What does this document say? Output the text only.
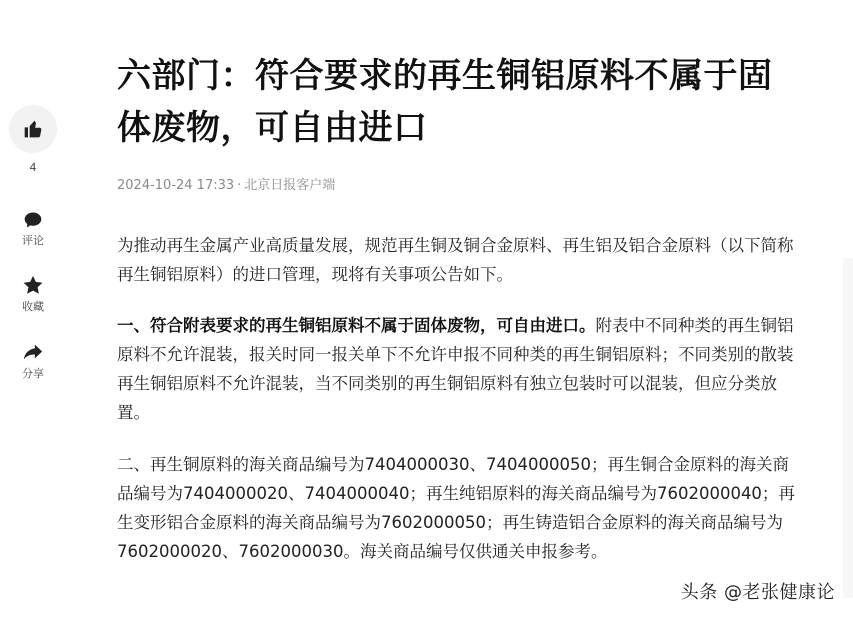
4
评论
收藏
分享
六部门：符合要求的再生铜铝原料不属于固体废物，可自由进口
2024-10-24 17:33 · 北京日报客户端

为推动再生金属产业高质量发展，规范再生铜及铜合金原料、再生铝及铝合金原料（以下简称再生铜铝原料）的进口管理，现将有关事项公告如下。

一、符合附表要求的再生铜铝原料不属于固体废物，可自由进口。附表中不同种类的再生铜铝原料不允许混装，报关时同一报关单下不允许申报不同种类的再生铜铝原料；不同类别的散装再生铜铝原料不允许混装，当不同类别的再生铜铝原料有独立包装时可以混装，但应分类放置。

二、再生铜原料的海关商品编号为7404000030、7404000050；再生铜合金原料的海关商品编号为7404000020、7404000040；再生纯铝原料的海关商品编号为7602000040；再生变形铝合金原料的海关商品编号为7602000050；再生铸造铝合金原料的海关商品编号为7602000020、7602000030。海关商品编号仅供通关申报参考。

头条 @老张健康论
